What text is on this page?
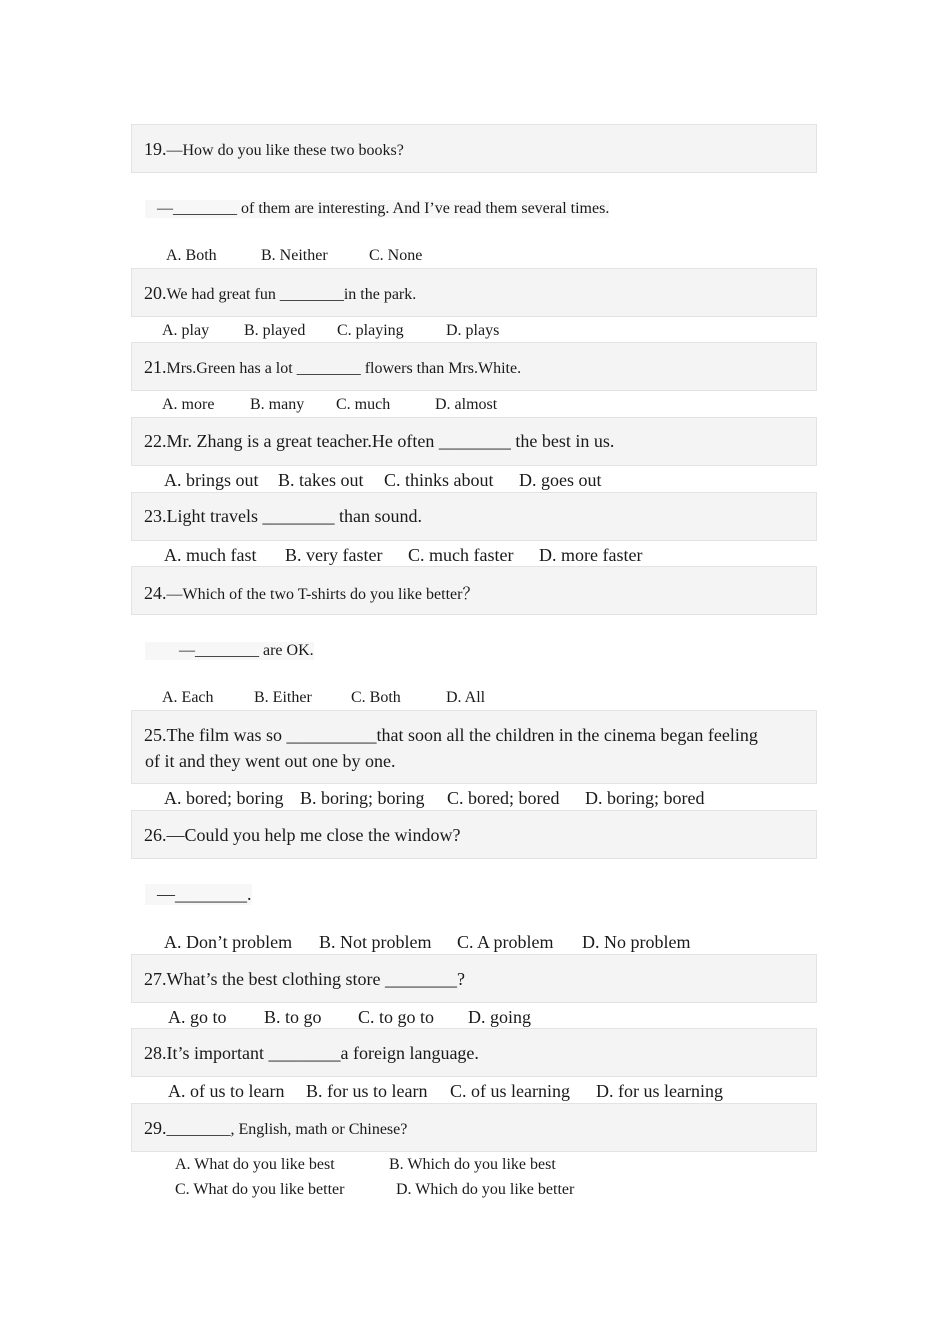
19.—How do you like these two books?
—________ of them are interesting. And I’ve read them several times.
A. Both	B. Neither	C. None
20.We had great fun ________in the park.
A. play B. played C. playing	D. plays
21.Mrs.Green has a lot ________ flowers than Mrs.White.
A. more B. many C. much	D. almost
22.Mr. Zhang is a great teacher.He often ________ the best in us.
A. brings out B. takes out C. thinks about D. goes out
23.Light travels ________ than sound.
A. much fast B. very faster C. much faster D. more faster
24.—Which of the two T-shirts do you like better？
—________ are OK.
A. Each	B. Either C. Both	D. All
25.The film was so __________that soon all the children in the cinema began feeling
of it and they went out one by one.
A. bored; boring B. boring; boring C. bored; bored D. boring; bored
26.—Could you help me close the window?
—________.
A. Don’t problem B. Not problem C. A problem D. No problem
27.What’s the best clothing store ________?
A. go to B. to go C. to go to D. going
28.It’s important ________a foreign language.
A. of us to learn B. for us to learn C. of us learning D. for us learning
29.________, English, math or Chinese?
A. What do you like best	B. Which do you like best
C. What do you like better	D. Which do you like better
